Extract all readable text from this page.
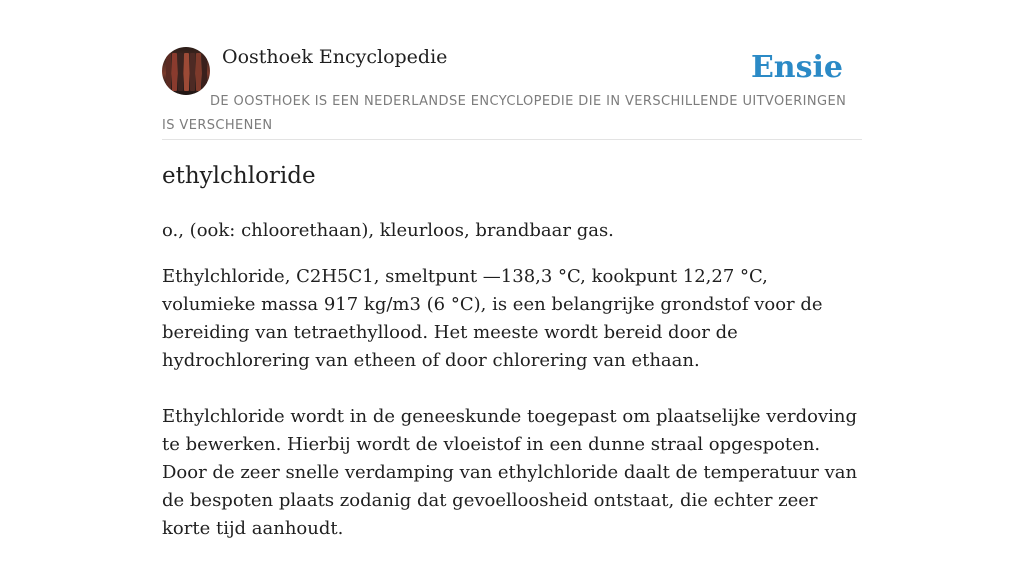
Oosthoek Encyclopedie	Ensie
DE OOSTHOEK IS EEN NEDERLANDSE ENCYCLOPEDIE DIE IN VERSCHILLENDE UITVOERINGEN IS VERSCHENEN
ethylchloride

o., (ook: chloorethaan), kleurloos, brandbaar gas.

Ethylchloride, C2H5C1, smeltpunt —138,3 °C, kookpunt 12,27 °C, volumieke massa 917 kg/m3 (6 °C), is een belangrijke grondstof voor de bereiding van tetraethyllood. Het meeste wordt bereid door de hydrochlorering van etheen of door chlorering van ethaan.

Ethylchloride wordt in de geneeskunde toegepast om plaatselijke verdoving te bewerken. Hierbij wordt de vloeistof in een dunne straal opgespoten. Door de zeer snelle verdamping van ethylchloride daalt de temperatuur van de bespoten plaats zodanig dat gevoelloosheid ontstaat, die echter zeer korte tijd aanhoudt.
